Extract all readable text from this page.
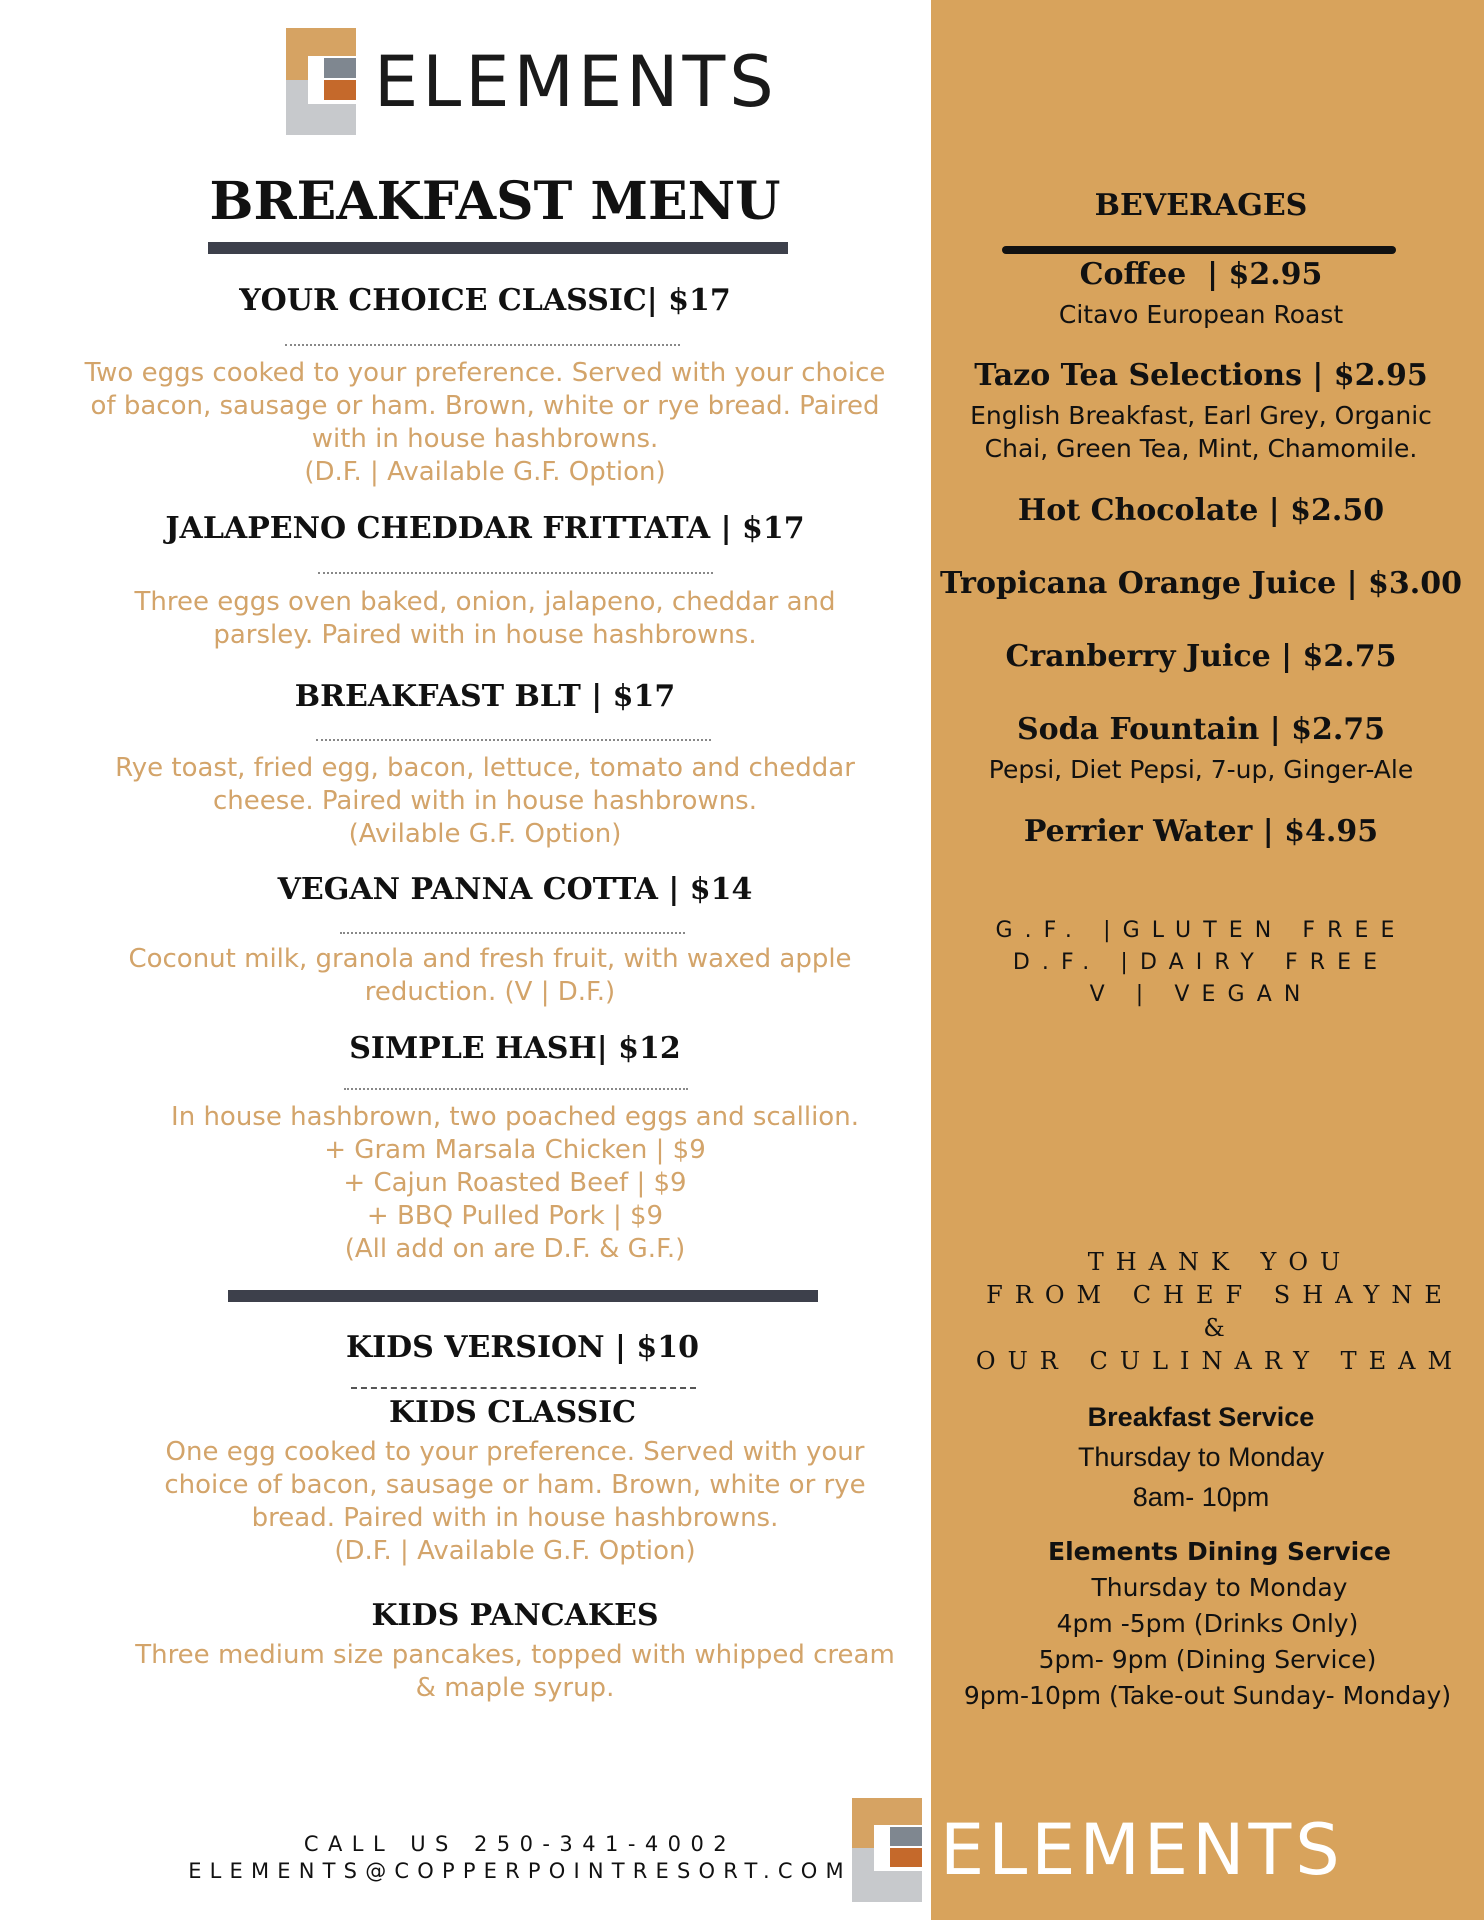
ELEMENTS
BREAKFAST MENU
YOUR CHOICE CLASSIC| $17
Two eggs cooked to your preference. Served with your choice
of bacon, sausage or ham. Brown, white or rye bread. Paired
with in house hashbrowns.
(D.F. | Available G.F. Option)
JALAPENO CHEDDAR FRITTATA | $17
Three eggs oven baked, onion, jalapeno, cheddar and
parsley. Paired with in house hashbrowns.
BREAKFAST BLT | $17
Rye toast, fried egg, bacon, lettuce, tomato and cheddar
cheese. Paired with in house hashbrowns.
(Avilable G.F. Option)
VEGAN PANNA COTTA | $14
Coconut milk, granola and fresh fruit, with waxed apple
reduction. (V | D.F.)
SIMPLE HASH| $12
In house hashbrown, two poached eggs and scallion.
+ Gram Marsala Chicken | $9
+ Cajun Roasted Beef | $9
+ BBQ Pulled Pork | $9
(All add on are D.F. & G.F.)
KIDS VERSION | $10
KIDS CLASSIC
One egg cooked to your preference. Served with your
choice of bacon, sausage or ham. Brown, white or rye
bread. Paired with in house hashbrowns.
(D.F. | Available G.F. Option)
KIDS PANCAKES
Three medium size pancakes, topped with whipped cream
& maple syrup.
CALL US 250-341-4002
ELEMENTS@COPPERPOINTRESORT.COM
BEVERAGES
Coffee  | $2.95
Citavo European Roast
Tazo Tea Selections | $2.95
English Breakfast, Earl Grey, Organic
Chai, Green Tea, Mint, Chamomile.
Hot Chocolate | $2.50
Tropicana Orange Juice | $3.00
Cranberry Juice | $2.75
Soda Fountain | $2.75
Pepsi, Diet Pepsi, 7-up, Ginger-Ale
Perrier Water | $4.95
G.F. |GLUTEN FREE
D.F. |DAIRY FREE
V | VEGAN
THANK YOU
FROM CHEF SHAYNE &
OUR CULINARY TEAM
Breakfast Service
Thursday to Monday
8am- 10pm
Elements Dining Service
Thursday to Monday
4pm -5pm (Drinks Only)
5pm- 9pm (Dining Service)
9pm-10pm (Take-out Sunday- Monday)
ELEMENTS
